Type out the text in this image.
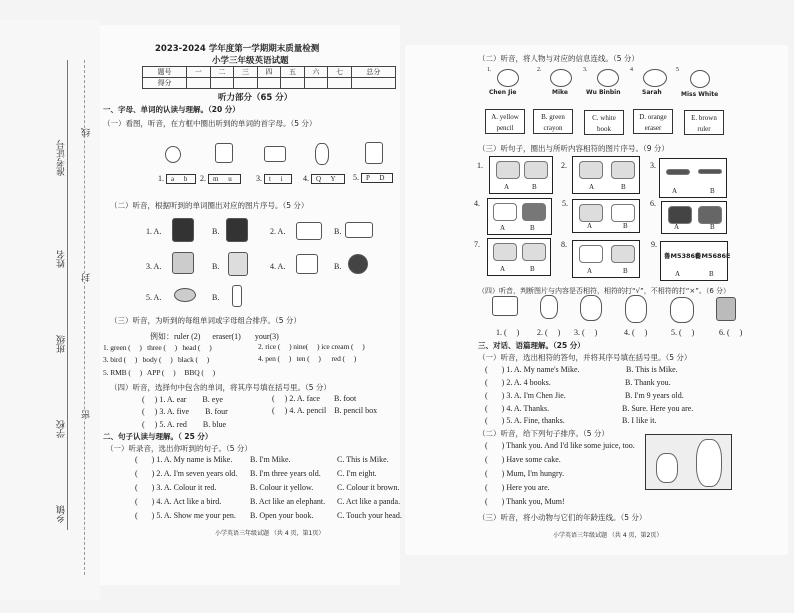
准考证号
姓名
班级
学校
乡镇
线
封
密
2023-2024 学年度第一学期期末质量检测
小学三年级英语试题
题号	一	二	三	四	五	六	七	总分
得分								
听力部分（65 分）
一、字母、单词的认读与理解。（20 分）
（一）看图，听音，在方框中圈出听到的单词的首字母。（5 分）
1. a b	2. m u	3. t i	4. Q Y	5. P D
（二）听音，根据听到的单词圈出对应的图片序号。（5 分）
1. A.	B.	2. A.	B.
3. A.	B.	4. A.	B.
5. A.	B.
（三）听音，为听到的每组单词或字母组合排序。（5 分）
例如：ruler (2)      eraser(1)       your(3)
1. green (     )   three (     )   head (     )	2. rice (     ) nine(     ) ice cream (     )
3. bird (     )   body (     )   black (     )	4. pen (     )   ten (     )      red (     )
5. RMB (     )   APP (     )     BBQ (     )
（四）听音，选择句中包含的单词，将其序号填在括号里。（5 分）
(     ) 1. A. ear        B. eye	(     ) 2. A. face       B. foot
(     ) 3. A. five        B. four	(     ) 4. A. pencil    B. pencil box
(     ) 5. A. red        B. blue
二、句子认读与理解。（ 25 分）
（一）听录音，选出你听到的句子。（5 分）
(       ) 1. A. My name is Mike. B. I'm Mike.	C. This is Mike.
(       ) 2. A. I'm seven years old. B. I'm three years old. C. I'm eight.
(       ) 3. A. Colour it red.	B. Colour it yellow.	C. Colour it brown.
(       ) 4. A. Act like a bird.	B. Act like an elephant. C. Act like a panda.
(       ) 5. A. Show me your pen. B. Open your book.	C. Touch your head.
小学英语三年级试题 （共 4 页，第1页）
（二）听音，将人物与对应的信息连线。（5 分）
1.
Chen Jie
2.
Mike
3.
Wu Binbin
4
Sarah
5
Miss White
A. yellow
pencil
B. green
crayon
C. white
book
D. orange
eraser
E. brown
ruler
（三）听句子，圈出与所听内容相符的图片序号。（9 分）
1.
A	B
2.
A	B
3.
A	B
4.
A	B
5.
A	B
6.
A	B
7.
A	B
8.
A	B
9.
鲁M5386E
鲁M5686E
A	B
（四）听音，判断图片与内容是否相符，相符的打“√”，不相符的打“×”。（6 分）
1. (     ) 2. (     ) 3. (     )	4. (     )	5. (     )	6. (     )
三、对话、语篇理解。（25 分）
（一）听音，选出相符的答句，并将其序号填在括号里。（5 分）
(       ) 1. A. My name's Mike.	B. This is Mike.
(       ) 2. A. 4 books.	B. Thank you.
(       ) 3. A. I'm Chen Jie.	B. I'm 9 years old.
(       ) 4. A. Thanks.	B. Sure. Here you are.
(       ) 5. A. Fine, thanks.	B. I like it.
（二）听音，给下列句子排序。（5 分）
(       ) Thank you. And I'd like some juice, too.
(       ) Have some cake.
(       ) Mum, I'm hungry.
(       ) Here you are.
(       ) Thank you, Mum!
（三）听音，将小动物与它们的年龄连线。（5 分）
小学英语三年级试题 （共 4 页，第2页）
